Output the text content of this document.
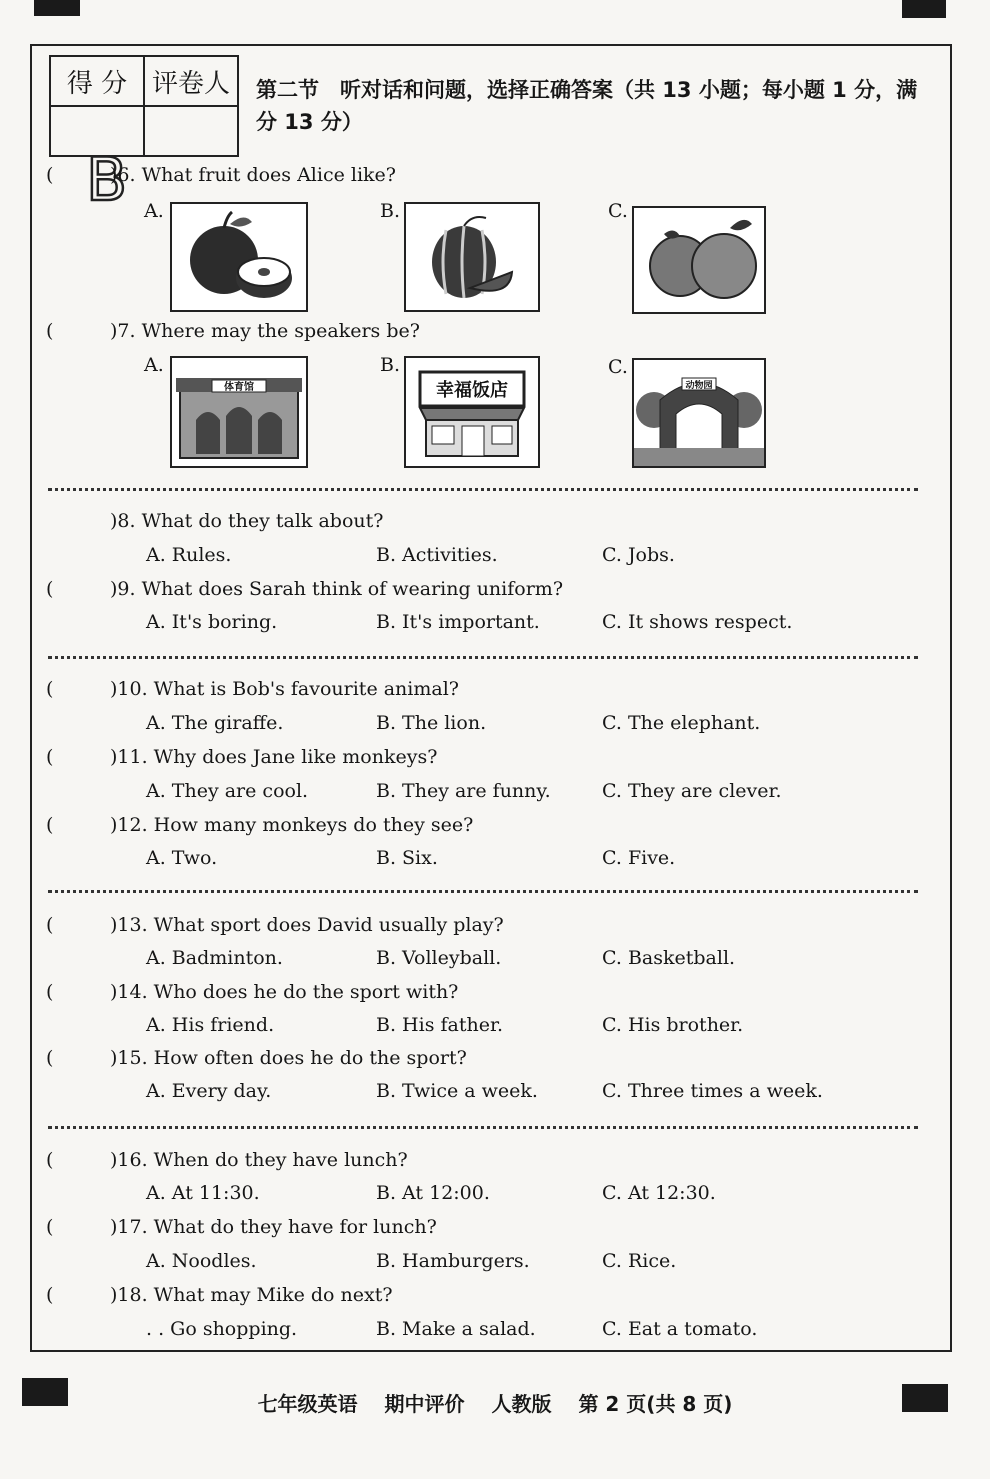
得 分	评卷人
	第二节　听对话和问题，选择正确答案（共 13 小题；每小题 1 分，满分 13 分）
B
(	)6. What fruit does Alice like?
A.	B.	C.
(	)7. Where may the speakers be?
A.
体育馆
B.
幸福饭店
C.
动物园
)8. What do they talk about?
A. Rules.	B. Activities.	C. Jobs.
(	)9. What does Sarah think of wearing uniform?
A. It's boring.	B. It's important.	C. It shows respect.
(	)10. What is Bob's favourite animal?
A. The giraffe.	B. The lion.	C. The elephant.
(	)11. Why does Jane like monkeys?
A. They are cool.	B. They are funny.	C. They are clever.
(	)12. How many monkeys do they see?
A. Two.	B. Six.	C. Five.
(	)13. What sport does David usually play?
A. Badminton.	B. Volleyball.	C. Basketball.
(	)14. Who does he do the sport with?
A. His friend.	B. His father.	C. His brother.
(	)15. How often does he do the sport?
A. Every day.	B. Twice a week.	C. Three times a week.
(	)16. When do they have lunch?
A. At 11:30.	B. At 12:00.	C. At 12:30.
(	)17. What do they have for lunch?
A. Noodles.	B. Hamburgers.	C. Rice.
(	)18. What may Mike do next?
. . Go shopping.	B. Make a salad.	C. Eat a tomato.
七年级英语 期中评价 人教版 第 2 页(共 8 页)
